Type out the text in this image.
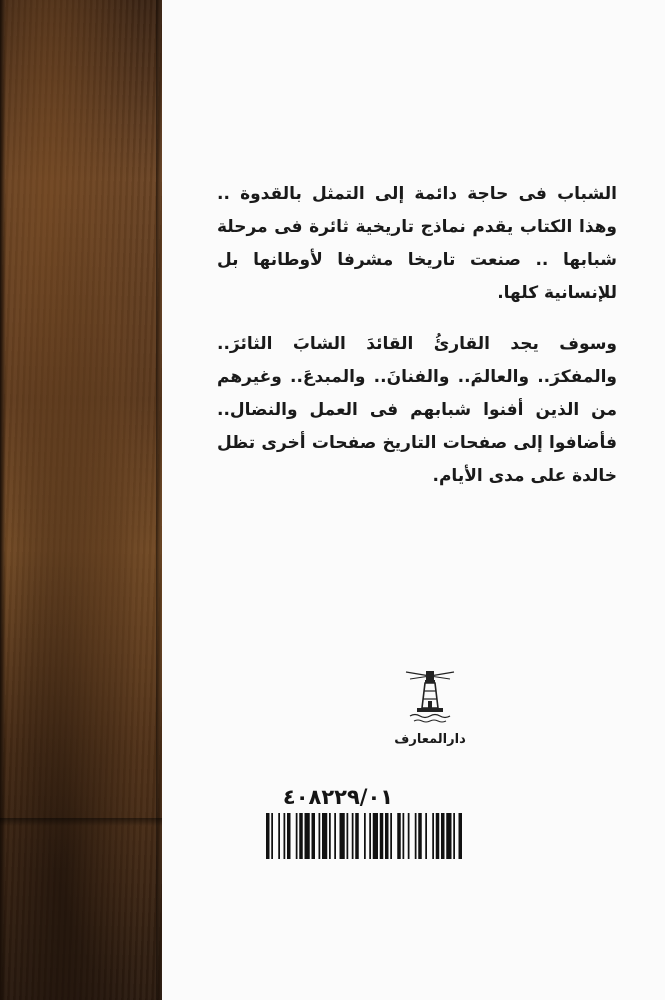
الشباب فى حاجة دائمة إلى التمثل بالقدوة .. وهذا الكتاب يقدم نماذج تاريخية ثائرة فى مرحلة شبابها .. صنعت تاريخا مشرفا لأوطانها بل للإنسانية كلها.

وسوف يجد القارئُ القائدَ الشابَ الثائرَ.. والمفكرَ.. والعالمَ.. والفنانَ.. والمبدعَ.. وغيرهم من الذين أفنوا شبابهم فى العمل والنضال.. فأضافوا إلى صفحات التاريخ صفحات أخرى تظل خالدة على مدى الأيام.

دارالمعارف
٤٠٨٢٢٩/٠١
